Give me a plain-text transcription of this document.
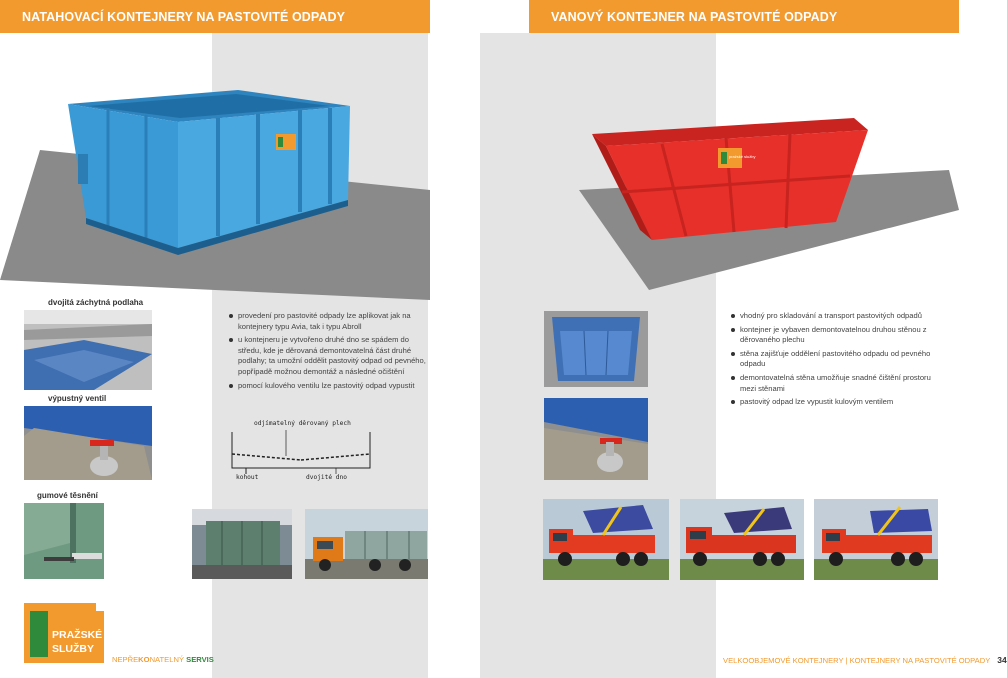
NATAHOVACÍ KONTEJNERY NA PASTOVITÉ ODPADY	VANOVÝ KONTEJNER NA PASTOVITÉ ODPADY
pražské služby
dvojitá záchytná podlaha
výpustný ventil
gumové těsnění
provedení pro pastovité odpady lze aplikovat jak na kontejnery typu Avia, tak i typu Abroll
u kontejneru je vytvořeno druhé dno se spádem do středu, kde je děrovaná demontovatelná část druhé podlahy; ta umožní oddělit pastovitý odpad od pevného, popřípadě možnou demontáž a následné očištění
pomocí kulového ventilu lze pastovitý odpad vypustit
odjímatelný děrovaný plech
kohout	dvojité dno
vhodný pro skladování a transport pastovitých odpadů
kontejner je vybaven demontovatelnou druhou stěnou z děrovaného plechu
stěna zajišťuje oddělení pastovitého odpadu od pevného odpadu
demontovatelná stěna umožňuje snadné čištění prostoru mezi stěnami
pastovitý odpad lze vypustit kulovým ventilem
PRAŽSKÉ
SLUŽBY
NEPŘEKONATELNÝ SERVIS	VELKOOBJEMOVÉ KONTEJNERY | KONTEJNERY NA PASTOVITÉ ODPADY 34
